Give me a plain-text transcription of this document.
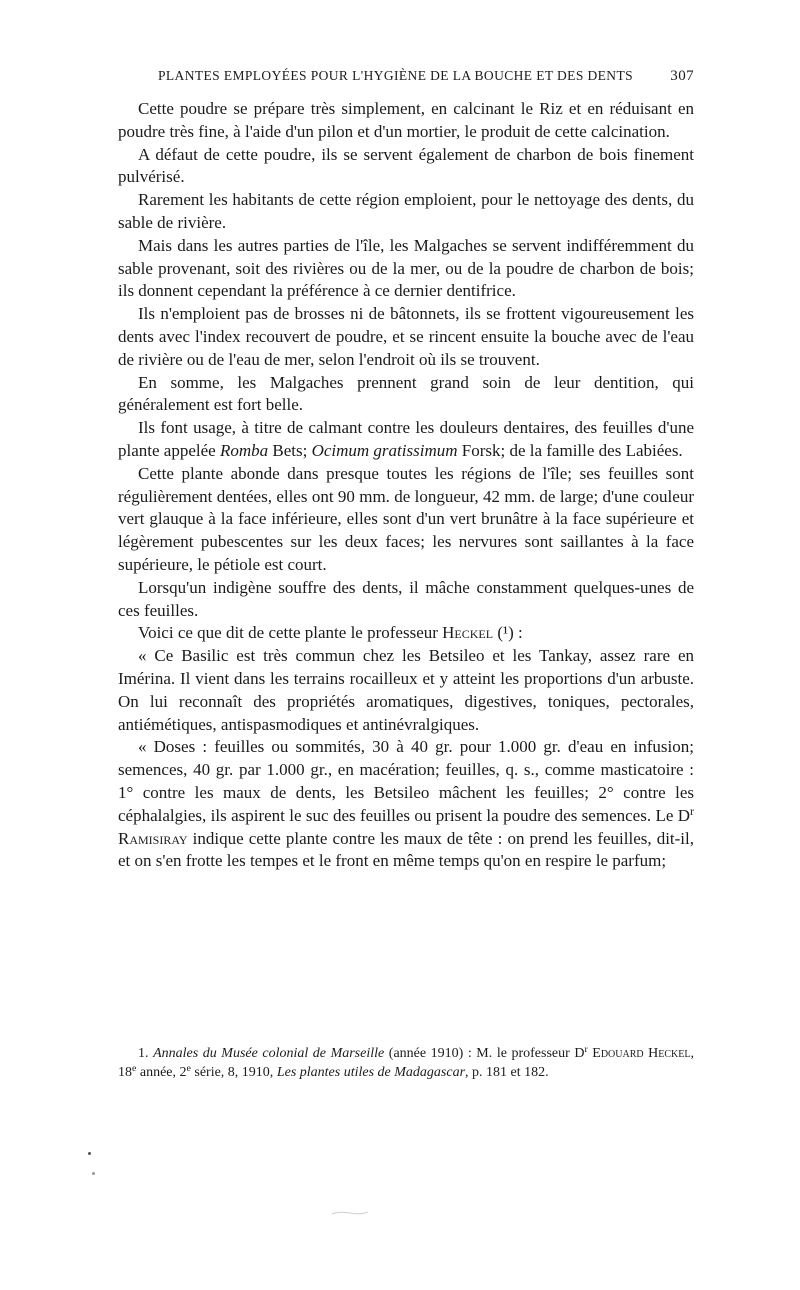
PLANTES EMPLOYÉES POUR L'HYGIÈNE DE LA BOUCHE ET DES DENTS 307

Cette poudre se prépare très simplement, en calcinant le Riz et en réduisant en poudre très fine, à l'aide d'un pilon et d'un mortier, le produit de cette calcination.

A défaut de cette poudre, ils se servent également de charbon de bois finement pulvérisé.

Rarement les habitants de cette région emploient, pour le nettoyage des dents, du sable de rivière.

Mais dans les autres parties de l'île, les Malgaches se servent indifféremment du sable provenant, soit des rivières ou de la mer, ou de la poudre de charbon de bois; ils donnent cependant la préférence à ce dernier dentifrice.

Ils n'emploient pas de brosses ni de bâtonnets, ils se frottent vigoureusement les dents avec l'index recouvert de poudre, et se rincent ensuite la bouche avec de l'eau de rivière ou de l'eau de mer, selon l'endroit où ils se trouvent.

En somme, les Malgaches prennent grand soin de leur dentition, qui généralement est fort belle.

Ils font usage, à titre de calmant contre les douleurs dentaires, des feuilles d'une plante appelée Romba Bets; Ocimum gratissimum Forsk; de la famille des Labiées.

Cette plante abonde dans presque toutes les régions de l'île; ses feuilles sont régulièrement dentées, elles ont 90 mm. de longueur, 42 mm. de large; d'une couleur vert glauque à la face inférieure, elles sont d'un vert brunâtre à la face supérieure et légèrement pubescentes sur les deux faces; les nervures sont saillantes à la face supérieure, le pétiole est court.

Lorsqu'un indigène souffre des dents, il mâche constamment quelques-unes de ces feuilles.

Voici ce que dit de cette plante le professeur Heckel (¹) :

« Ce Basilic est très commun chez les Betsileo et les Tankay, assez rare en Imérina. Il vient dans les terrains rocailleux et y atteint les proportions d'un arbuste. On lui reconnaît des propriétés aromatiques, digestives, toniques, pectorales, antiémétiques, antispasmodiques et antinévralgiques.

« Doses : feuilles ou sommités, 30 à 40 gr. pour 1.000 gr. d'eau en infusion; semences, 40 gr. par 1.000 gr., en macération; feuilles, q. s., comme masticatoire : 1° contre les maux de dents, les Betsileo mâchent les feuilles; 2° contre les céphalalgies, ils aspirent le suc des feuilles ou prisent la poudre des semences. Le $D^r$ Ramisiray indique cette plante contre les maux de tête : on prend les feuilles, dit-il, et on s'en frotte les tempes et le front en même temps qu'on en respire le parfum;

1. Annales du Musée colonial de Marseille (année 1910) : M. le professeur $D^r$ Edouard Heckel, 18e année, 2e série, 8, 1910, Les plantes utiles de Madagascar, p. 181 et 182.
